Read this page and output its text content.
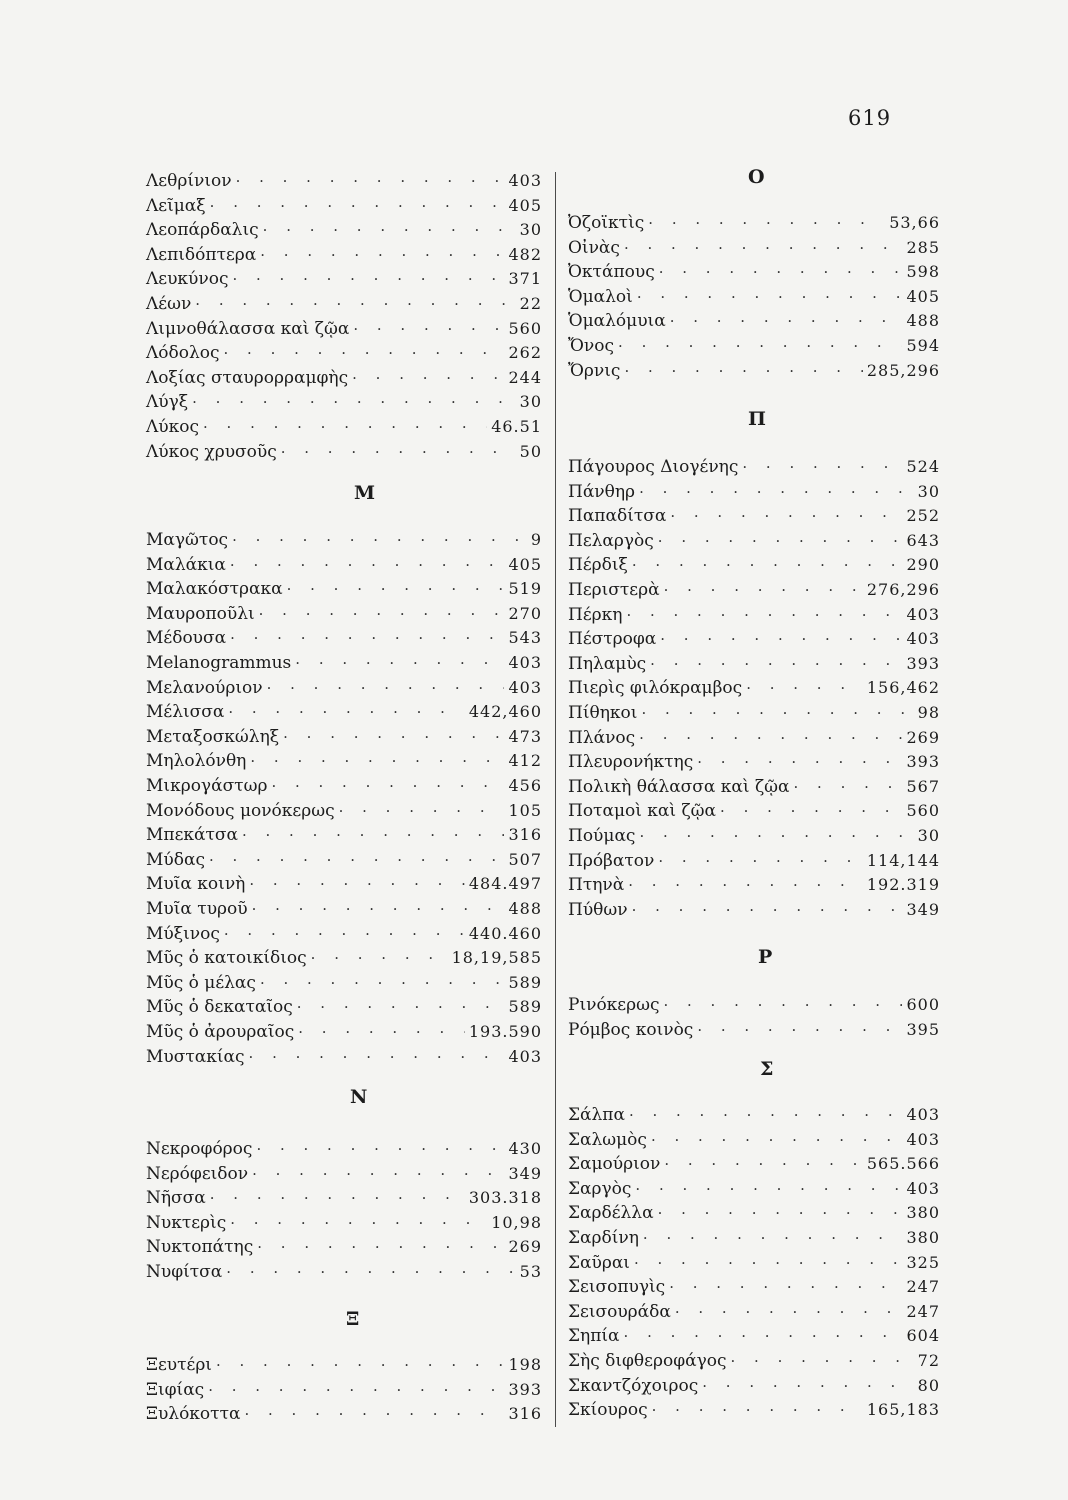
619
Μ
Ν
Ξ
Λεθρίνιον · · ·	403
Λεῖμαξ · · ·	405
Λεοπάρδαλις · · ·	30
Λεπιδόπτερα · · ·	482
Λευκύνος · · ·	371
Λέων · · ·	22
Λιμνοθάλασσα καὶ ζῷα · · ·	560
Λόδολος · · ·	262
Λοξίας σταυρορραμφὴς · · ·	244
Λύγξ · · ·	30
Λύκος · · ·	46.51
Λύκος χρυσοῦς · · ·	50
Μαγῶτος · · ·	9
Μαλάκια · · ·	405
Μαλακόστρακα · · ·	519
Μαυροποῦλι · · ·	270
Μέδουσα · · ·	543
Melanogrammus · · ·	403
Μελανούριον · · ·	403
Μέλισσα · · ·	442,460
Μεταξοσκώληξ · · ·	473
Μηλολόνθη · · ·	412
Μικρογάστωρ · · ·	456
Μονόδους μονόκερως · · ·	105
Μπεκάτσα · · ·	316
Μύδας · · ·	507
Μυῖα κοινὴ · · ·	484.497
Μυῖα τυροῦ · · ·	488
Μύξινος · · ·	440.460
Μῦς ὁ κατοικίδιος · · ·	18,19,585
Μῦς ὁ μέλας · · ·	589
Μῦς ὁ δεκαταῖος · · ·	589
Μῦς ὁ ἀρουραῖος · · ·	193.590
Μυστακίας · · ·	403
Νεκροφόρος · · ·	430
Νερόφειδον · · ·	349
Νῆσσα · · ·	303.318
Νυκτερὶς · · ·	10,98
Νυκτοπάτης · · ·	269
Νυφίτσα · · ·	53
Ξευτέρι · · ·	198
Ξιφίας · · ·	393
Ξυλόκοττα · · ·	316
Ο
Π
Ρ
Σ
Ὀζοϊκτὶς · · ·	53,66
Οἰνὰς · · ·	285
Ὀκτάπους · · ·	598
Ὁμαλοὶ · · ·	405
Ὁμαλόμυια · · ·	488
Ὄνος · · ·	594
Ὄρνις · · ·	285,296
Πάγουρος Διογένης · · ·	524
Πάνθηρ · · ·	30
Παπαδίτσα · · ·	252
Πελαργὸς · · ·	643
Πέρδιξ · · ·	290
Περιστερὰ · · ·	276,296
Πέρκη · · ·	403
Πέστροφα · · ·	403
Πηλαμὺς · · ·	393
Πιερὶς φιλόκραμβος · · ·	156,462
Πίθηκοι · · ·	98
Πλάνος · · ·	269
Πλευρονήκτης · · ·	393
Πολικὴ θάλασσα καὶ ζῷα · · ·	567
Ποταμοὶ καὶ ζῷα · · ·	560
Πούμας · · ·	30
Πρόβατον · · ·	114,144
Πτηνὰ · · ·	192.319
Πύθων · · ·	349
Ρινόκερως · · ·	600
Ρόμβος κοινὸς · · ·	395
Σάλπα · · ·	403
Σαλωμὸς · · ·	403
Σαμούριον · · ·	565.566
Σαργὸς · · ·	403
Σαρδέλλα · · ·	380
Σαρδίνη · · ·	380
Σαῦραι · · ·	325
Σεισοπυγὶς · · ·	247
Σεισουράδα · · ·	247
Σηπία · · ·	604
Σὴς διφθεροφάγος · · ·	72
Σκαντζόχοιρος · · ·	80
Σκίουρος · · ·	165,183
